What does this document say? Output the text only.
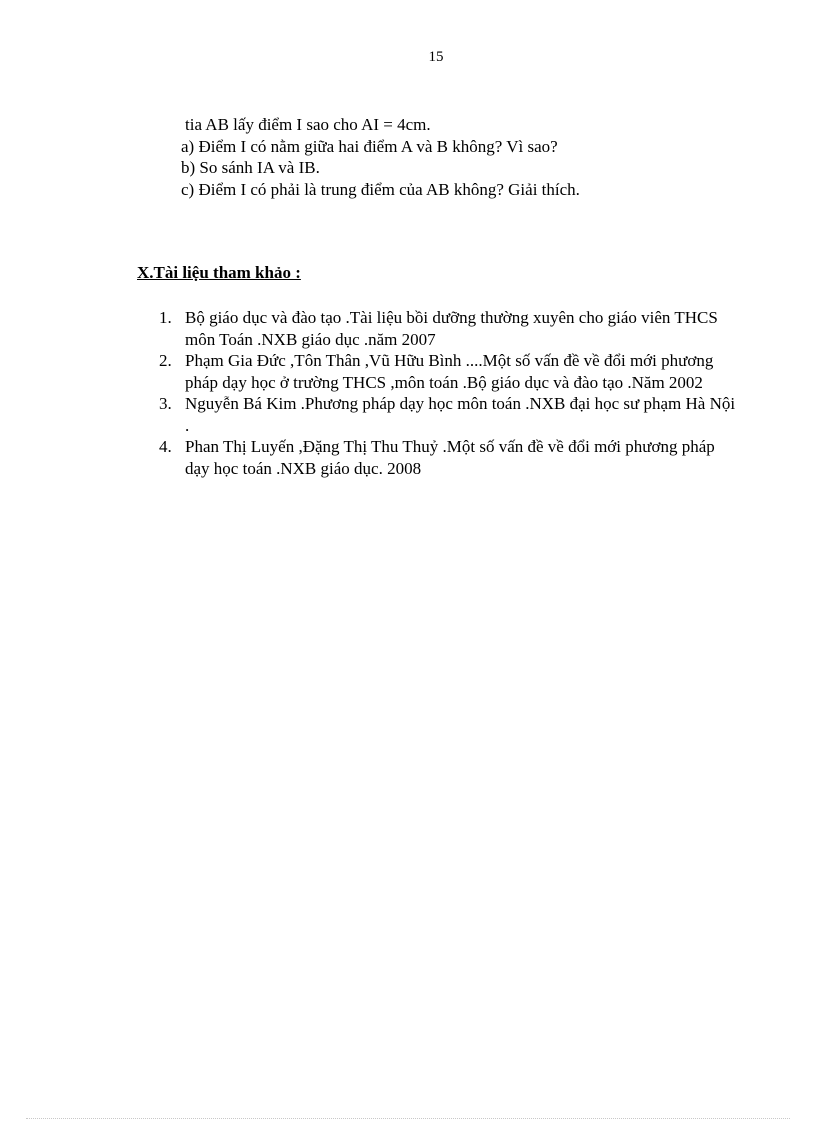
15
tia AB lấy điểm I sao cho AI = 4cm.
a) Điểm I có nằm giữa hai điểm A và B không? Vì sao?
b) So sánh IA và IB.
c) Điểm I có phải là trung điểm của AB không? Giải thích.
X.Tài liệu tham khảo :
1. Bộ giáo dục và đào tạo .Tài liệu bồi dưỡng thường xuyên cho giáo viên THCS môn Toán .NXB giáo dục .năm 2007
2. Phạm Gia Đức ,Tôn Thân ,Vũ Hữu Bình ....Một số vấn đề về đổi mới phương pháp dạy học ở trường THCS ,môn toán .Bộ giáo dục và đào tạo .Năm 2002
3. Nguyễn Bá Kim .Phương pháp dạy học môn toán .NXB đại học sư phạm Hà Nội .
4. Phan Thị Luyến ,Đặng Thị Thu Thuỷ .Một số vấn đề về đổi mới phương pháp dạy học toán .NXB giáo dục. 2008
